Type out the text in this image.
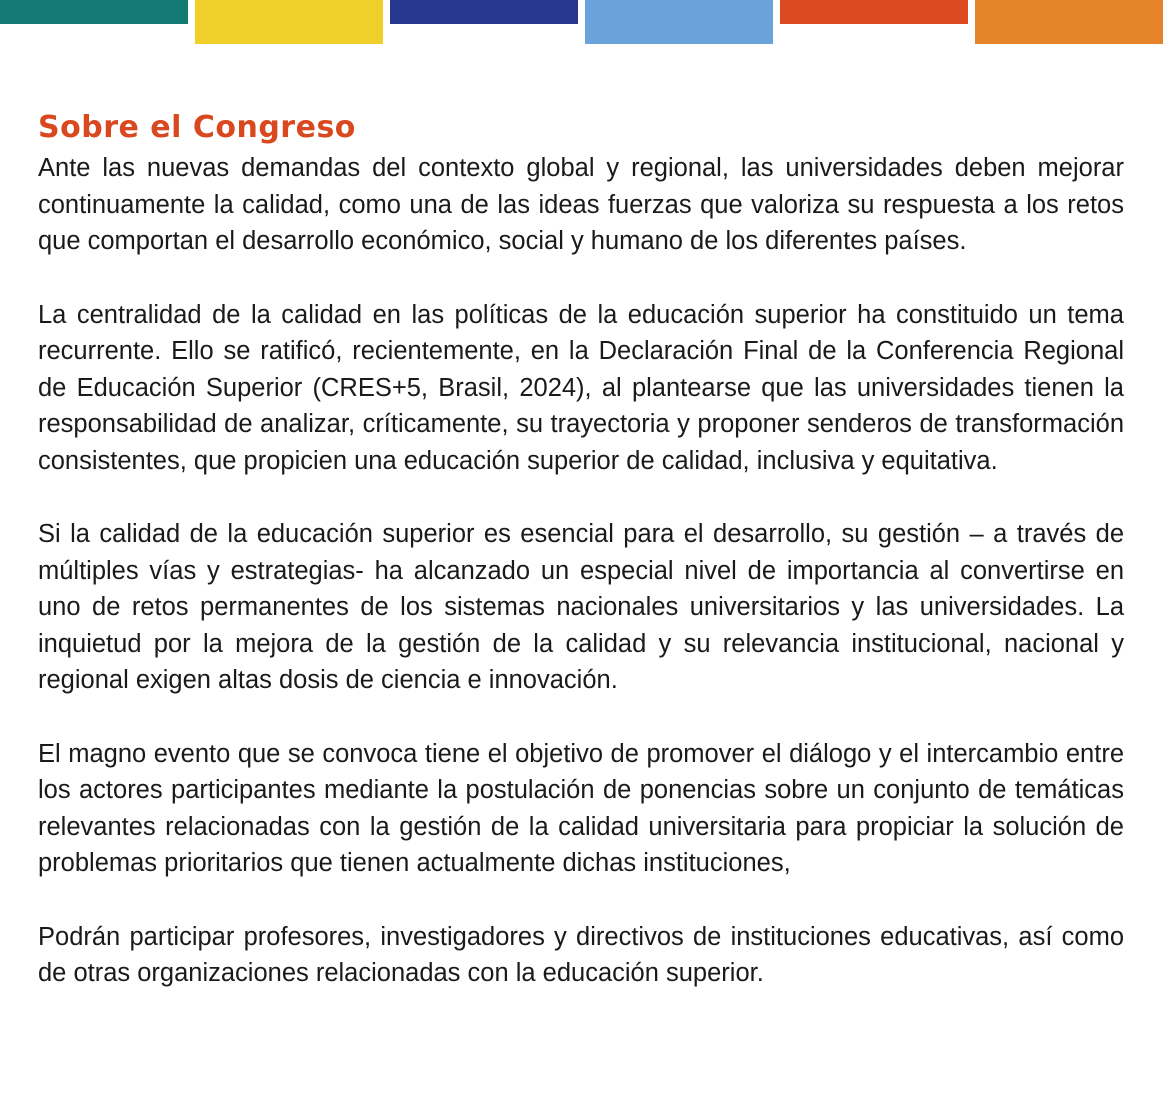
Sobre el Congreso

Ante las nuevas demandas del contexto global y regional, las universidades deben mejorar continuamente la calidad, como una de las ideas fuerzas que valoriza su respuesta a los retos que comportan el desarrollo económico, social y humano de los diferentes países.

La centralidad de la calidad en las políticas de la educación superior ha constituido un tema recurrente. Ello se ratificó, recientemente, en la Declaración Final de la Conferencia Regional de Educación Superior (CRES+5, Brasil, 2024), al plantearse que las universidades tienen la responsabilidad de analizar, críticamente, su trayectoria y proponer senderos de transformación consistentes, que propicien una educación superior de calidad, inclusiva y equitativa.

Si la calidad de la educación superior es esencial para el desarrollo, su gestión – a través de múltiples vías y estrategias- ha alcanzado un especial nivel de importancia al convertirse en uno de retos permanentes de los sistemas nacionales universitarios y las universidades. La inquietud por la mejora de la gestión de la calidad y su relevancia institucional, nacional y regional exigen altas dosis de ciencia e innovación.

El magno evento que se convoca tiene el objetivo de promover el diálogo y el intercambio entre los actores participantes mediante la postulación de ponencias sobre un conjunto de temáticas relevantes relacionadas con la gestión de la calidad universitaria para propiciar la solución de problemas prioritarios que tienen actualmente dichas instituciones,

Podrán participar profesores, investigadores y directivos de instituciones educativas, así como de otras organizaciones relacionadas con la educación superior.
